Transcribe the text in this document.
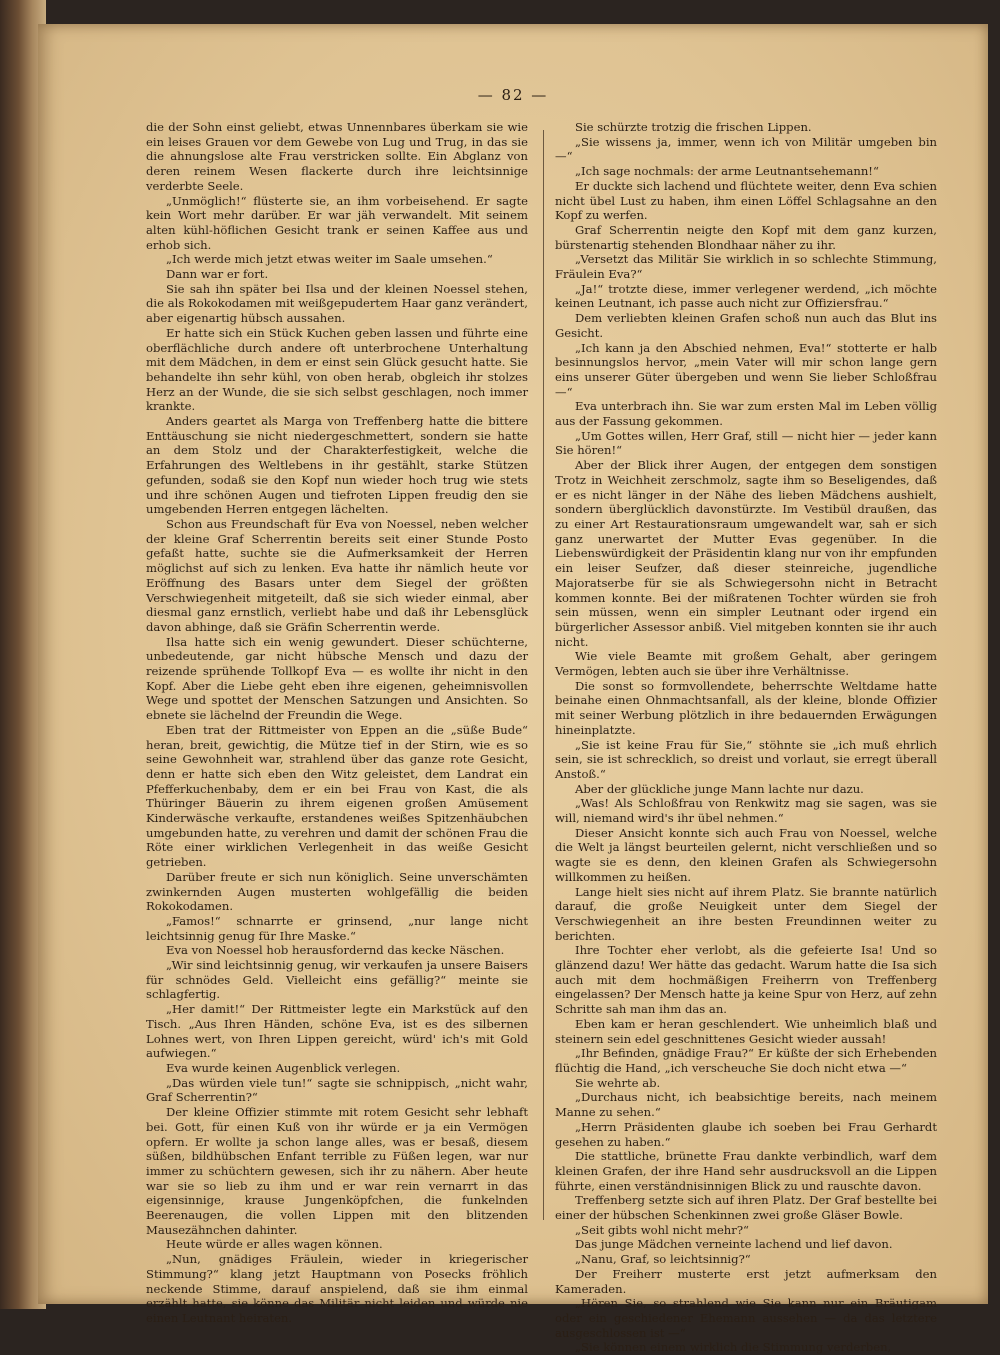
— 82 —

die der Sohn einst geliebt, etwas Unnennbares überkam sie wie ein leises Grauen vor dem Gewebe von Lug und Trug, in das sie die ahnungslose alte Frau verstricken sollte. Ein Abglanz von deren reinem Wesen flackerte durch ihre leichtsinnige verderbte Seele.

„Unmöglich!“ flüsterte sie, an ihm vorbeisehend. Er sagte kein Wort mehr darüber. Er war jäh verwandelt. Mit seinem alten kühl-höflichen Gesicht trank er seinen Kaffee aus und erhob sich.

„Ich werde mich jetzt etwas weiter im Saale umsehen.“

Dann war er fort.

Sie sah ihn später bei Ilsa und der kleinen Noessel stehen, die als Rokokodamen mit weißgepudertem Haar ganz verändert, aber eigenartig hübsch aussahen.

Er hatte sich ein Stück Kuchen geben lassen und führte eine oberflächliche durch andere oft unterbrochene Unterhaltung mit dem Mädchen, in dem er einst sein Glück gesucht hatte. Sie behandelte ihn sehr kühl, von oben herab, obgleich ihr stolzes Herz an der Wunde, die sie sich selbst geschlagen, noch immer krankte.

Anders geartet als Marga von Treffenberg hatte die bittere Enttäuschung sie nicht niedergeschmettert, sondern sie hatte an dem Stolz und der Charakterfestigkeit, welche die Erfahrungen des Weltlebens in ihr gestählt, starke Stützen gefunden, sodaß sie den Kopf nun wieder hoch trug wie stets und ihre schönen Augen und tiefroten Lippen freudig den sie umgebenden Herren entgegen lächelten.

Schon aus Freundschaft für Eva von Noessel, neben welcher der kleine Graf Scherrentin bereits seit einer Stunde Posto gefaßt hatte, suchte sie die Aufmerksamkeit der Herren möglichst auf sich zu lenken. Eva hatte ihr nämlich heute vor Eröffnung des Basars unter dem Siegel der größten Verschwiegenheit mitgeteilt, daß sie sich wieder einmal, aber diesmal ganz ernstlich, verliebt habe und daß ihr Lebensglück davon abhinge, daß sie Gräfin Scherrentin werde.

Ilsa hatte sich ein wenig gewundert. Dieser schüchterne, unbedeutende, gar nicht hübsche Mensch und dazu der reizende sprühende Tollkopf Eva — es wollte ihr nicht in den Kopf. Aber die Liebe geht eben ihre eigenen, geheimnisvollen Wege und spottet der Menschen Satzungen und Ansichten. So ebnete sie lächelnd der Freundin die Wege.

Eben trat der Rittmeister von Eppen an die „süße Bude“ heran, breit, gewichtig, die Mütze tief in der Stirn, wie es so seine Gewohnheit war, strahlend über das ganze rote Gesicht, denn er hatte sich eben den Witz geleistet, dem Landrat ein Pfefferkuchenbaby, dem er ein bei Frau von Kast, die als Thüringer Bäuerin zu ihrem eigenen großen Amüsement Kinderwäsche verkaufte, erstandenes weißes Spitzenhäubchen umgebunden hatte, zu verehren und damit der schönen Frau die Röte einer wirklichen Verlegenheit in das weiße Gesicht getrieben.

Darüber freute er sich nun königlich. Seine unverschämten zwinkernden Augen musterten wohlgefällig die beiden Rokokodamen.

„Famos!“ schnarrte er grinsend, „nur lange nicht leichtsinnig genug für Ihre Maske.“

Eva von Noessel hob herausfordernd das kecke Näschen.

„Wir sind leichtsinnig genug, wir verkaufen ja unsere Baisers für schnödes Geld. Vielleicht eins gefällig?“ meinte sie schlagfertig.

„Her damit!“ Der Rittmeister legte ein Markstück auf den Tisch. „Aus Ihren Händen, schöne Eva, ist es des silbernen Lohnes wert, von Ihren Lippen gereicht, würd' ich's mit Gold aufwiegen.“

Eva wurde keinen Augenblick verlegen.

„Das würden viele tun!“ sagte sie schnippisch, „nicht wahr, Graf Scherrentin?“

Der kleine Offizier stimmte mit rotem Gesicht sehr lebhaft bei. Gott, für einen Kuß von ihr würde er ja ein Vermögen opfern. Er wollte ja schon lange alles, was er besaß, diesem süßen, bildhübschen Enfant terrible zu Füßen legen, war nur immer zu schüchtern gewesen, sich ihr zu nähern. Aber heute war sie so lieb zu ihm und er war rein vernarrt in das eigensinnige, krause Jungenköpfchen, die funkelnden Beerenaugen, die vollen Lippen mit den blitzenden Mausezähnchen dahinter.

Heute würde er alles wagen können.

„Nun, gnädiges Fräulein, wieder in kriegerischer Stimmung?“ klang jetzt Hauptmann von Posecks fröhlich neckende Stimme, darauf anspielend, daß sie ihm einmal erzählt hatte, sie könne das Militär nicht leiden und würde nie einen Leutnant heiraten.

Sie schürzte trotzig die frischen Lippen.

„Sie wissens ja, immer, wenn ich von Militär umgeben bin —“

„Ich sage nochmals: der arme Leutnantsehemann!“

Er duckte sich lachend und flüchtete weiter, denn Eva schien nicht übel Lust zu haben, ihm einen Löffel Schlagsahne an den Kopf zu werfen.

Graf Scherrentin neigte den Kopf mit dem ganz kurzen, bürstenartig stehenden Blondhaar näher zu ihr.

„Versetzt das Militär Sie wirklich in so schlechte Stimmung, Fräulein Eva?“

„Ja!“ trotzte diese, immer verlegener werdend, „ich möchte keinen Leutnant, ich passe auch nicht zur Offiziersfrau.“

Dem verliebten kleinen Grafen schoß nun auch das Blut ins Gesicht.

„Ich kann ja den Abschied nehmen, Eva!“ stotterte er halb besinnungslos hervor, „mein Vater will mir schon lange gern eins unserer Güter übergeben und wenn Sie lieber Schloßfrau —“

Eva unterbrach ihn. Sie war zum ersten Mal im Leben völlig aus der Fassung gekommen.

„Um Gottes willen, Herr Graf, still — nicht hier — jeder kann Sie hören!“

Aber der Blick ihrer Augen, der entgegen dem sonstigen Trotz in Weichheit zerschmolz, sagte ihm so Beseligendes, daß er es nicht länger in der Nähe des lieben Mädchens aushielt, sondern überglücklich davonstürzte. Im Vestibül draußen, das zu einer Art Restaurationsraum umgewandelt war, sah er sich ganz unerwartet der Mutter Evas gegenüber. In die Liebenswürdigkeit der Präsidentin klang nur von ihr empfunden ein leiser Seufzer, daß dieser steinreiche, jugendliche Majoratserbe für sie als Schwiegersohn nicht in Betracht kommen konnte. Bei der mißratenen Tochter würden sie froh sein müssen, wenn ein simpler Leutnant oder irgend ein bürgerlicher Assessor anbiß. Viel mitgeben konnten sie ihr auch nicht.

Wie viele Beamte mit großem Gehalt, aber geringem Vermögen, lebten auch sie über ihre Verhältnisse.

Die sonst so formvollendete, beherrschte Weltdame hatte beinahe einen Ohnmachtsanfall, als der kleine, blonde Offizier mit seiner Werbung plötzlich in ihre bedauernden Erwägungen hineinplatzte.

„Sie ist keine Frau für Sie,“ stöhnte sie „ich muß ehrlich sein, sie ist schrecklich, so dreist und vorlaut, sie erregt überall Anstoß.“

Aber der glückliche junge Mann lachte nur dazu.

„Was! Als Schloßfrau von Renkwitz mag sie sagen, was sie will, niemand wird's ihr übel nehmen.“

Dieser Ansicht konnte sich auch Frau von Noessel, welche die Welt ja längst beurteilen gelernt, nicht verschließen und so wagte sie es denn, den kleinen Grafen als Schwiegersohn willkommen zu heißen.

Lange hielt sies nicht auf ihrem Platz. Sie brannte natürlich darauf, die große Neuigkeit unter dem Siegel der Verschwiegenheit an ihre besten Freundinnen weiter zu berichten.

Ihre Tochter eher verlobt, als die gefeierte Isa! Und so glänzend dazu! Wer hätte das gedacht. Warum hatte die Isa sich auch mit dem hochmäßigen Freiherrn von Treffenberg eingelassen? Der Mensch hatte ja keine Spur von Herz, auf zehn Schritte sah man ihm das an.

Eben kam er heran geschlendert. Wie unheimlich blaß und steinern sein edel geschnittenes Gesicht wieder aussah!

„Ihr Befinden, gnädige Frau?“ Er küßte der sich Erhebenden flüchtig die Hand, „ich verscheuche Sie doch nicht etwa —“

Sie wehrte ab.

„Durchaus nicht, ich beabsichtige bereits, nach meinem Manne zu sehen.“

„Herrn Präsidenten glaube ich soeben bei Frau Gerhardt gesehen zu haben.“

Die stattliche, brünette Frau dankte verbindlich, warf dem kleinen Grafen, der ihre Hand sehr ausdrucksvoll an die Lippen führte, einen verständnisinnigen Blick zu und rauschte davon.

Treffenberg setzte sich auf ihren Platz. Der Graf bestellte bei einer der hübschen Schenkinnen zwei große Gläser Bowle.

„Seit gibts wohl nicht mehr?“

Das junge Mädchen verneinte lachend und lief davon.

„Nanu, Graf, so leichtsinnig?“

Der Freiherr musterte erst jetzt aufmerksam den Kameraden.

„Hören Sie, so strahlend wie Sie kann nur ein Bräutigam oder ein geschiedener Ehemann aussehen — da das letztere ausgeschlossen ist —“

„Sie können einem wirklich die Stimmung verderben,
